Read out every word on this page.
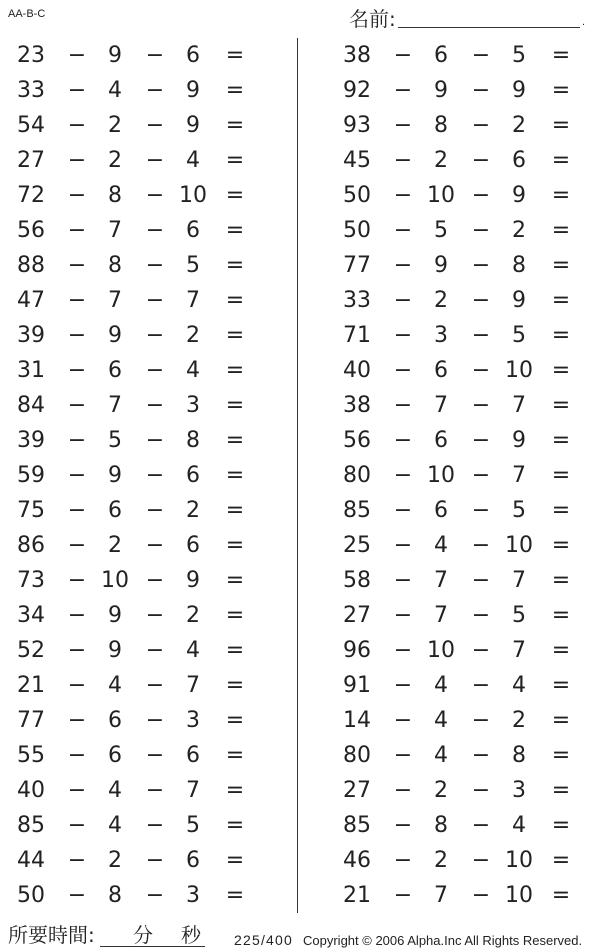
AA-B-C	名前:	.
23	− 9	− 6	=
33	− 4	− 9	=
54	− 2	− 9	=
27	− 2	− 4	=
72	− 8	− 10 =
56	− 7	− 6	=
88	− 8	− 5	=
47	− 7	− 7	=
39	− 9	− 2	=
31	− 6	− 4	=
84	− 7	− 3	=
39	− 5	− 8	=
59	− 9	− 6	=
75	− 6	− 2	=
86	− 2	− 6	=
73	− 10 − 9	=
34	− 9	− 2	=
52	− 9	− 4	=
21	− 4	− 7	=
77	− 6	− 3	=
55	− 6	− 6	=
40	− 4	− 7	=
85	− 4	− 5	=
44	− 2	− 6	=
50	− 8	− 3	=
38	− 6	− 5	=
92	− 9	− 9	=
93	− 8	− 2	=
45	− 2	− 6	=
50	− 10 − 9	=
50	− 5	− 2	=
77	− 9	− 8	=
33	− 2	− 9	=
71	− 3	− 5	=
40	− 6	− 10 =
38	− 7	− 7	=
56	− 6	− 9	=
80	− 10 − 7	=
85	− 6	− 5	=
25	− 4	− 10 =
58	− 7	− 7	=
27	− 7	− 5	=
96	− 10 − 7	=
91	− 4	− 4	=
14	− 4	− 2	=
80	− 4	− 8	=
27	− 2	− 3	=
85	− 8	− 4	=
46	− 2	− 10 =
21	− 7	− 10 =
所要時間: 分 秒 225/400 Copyright © 2006 Alpha.Inc All Rights Reserved.
